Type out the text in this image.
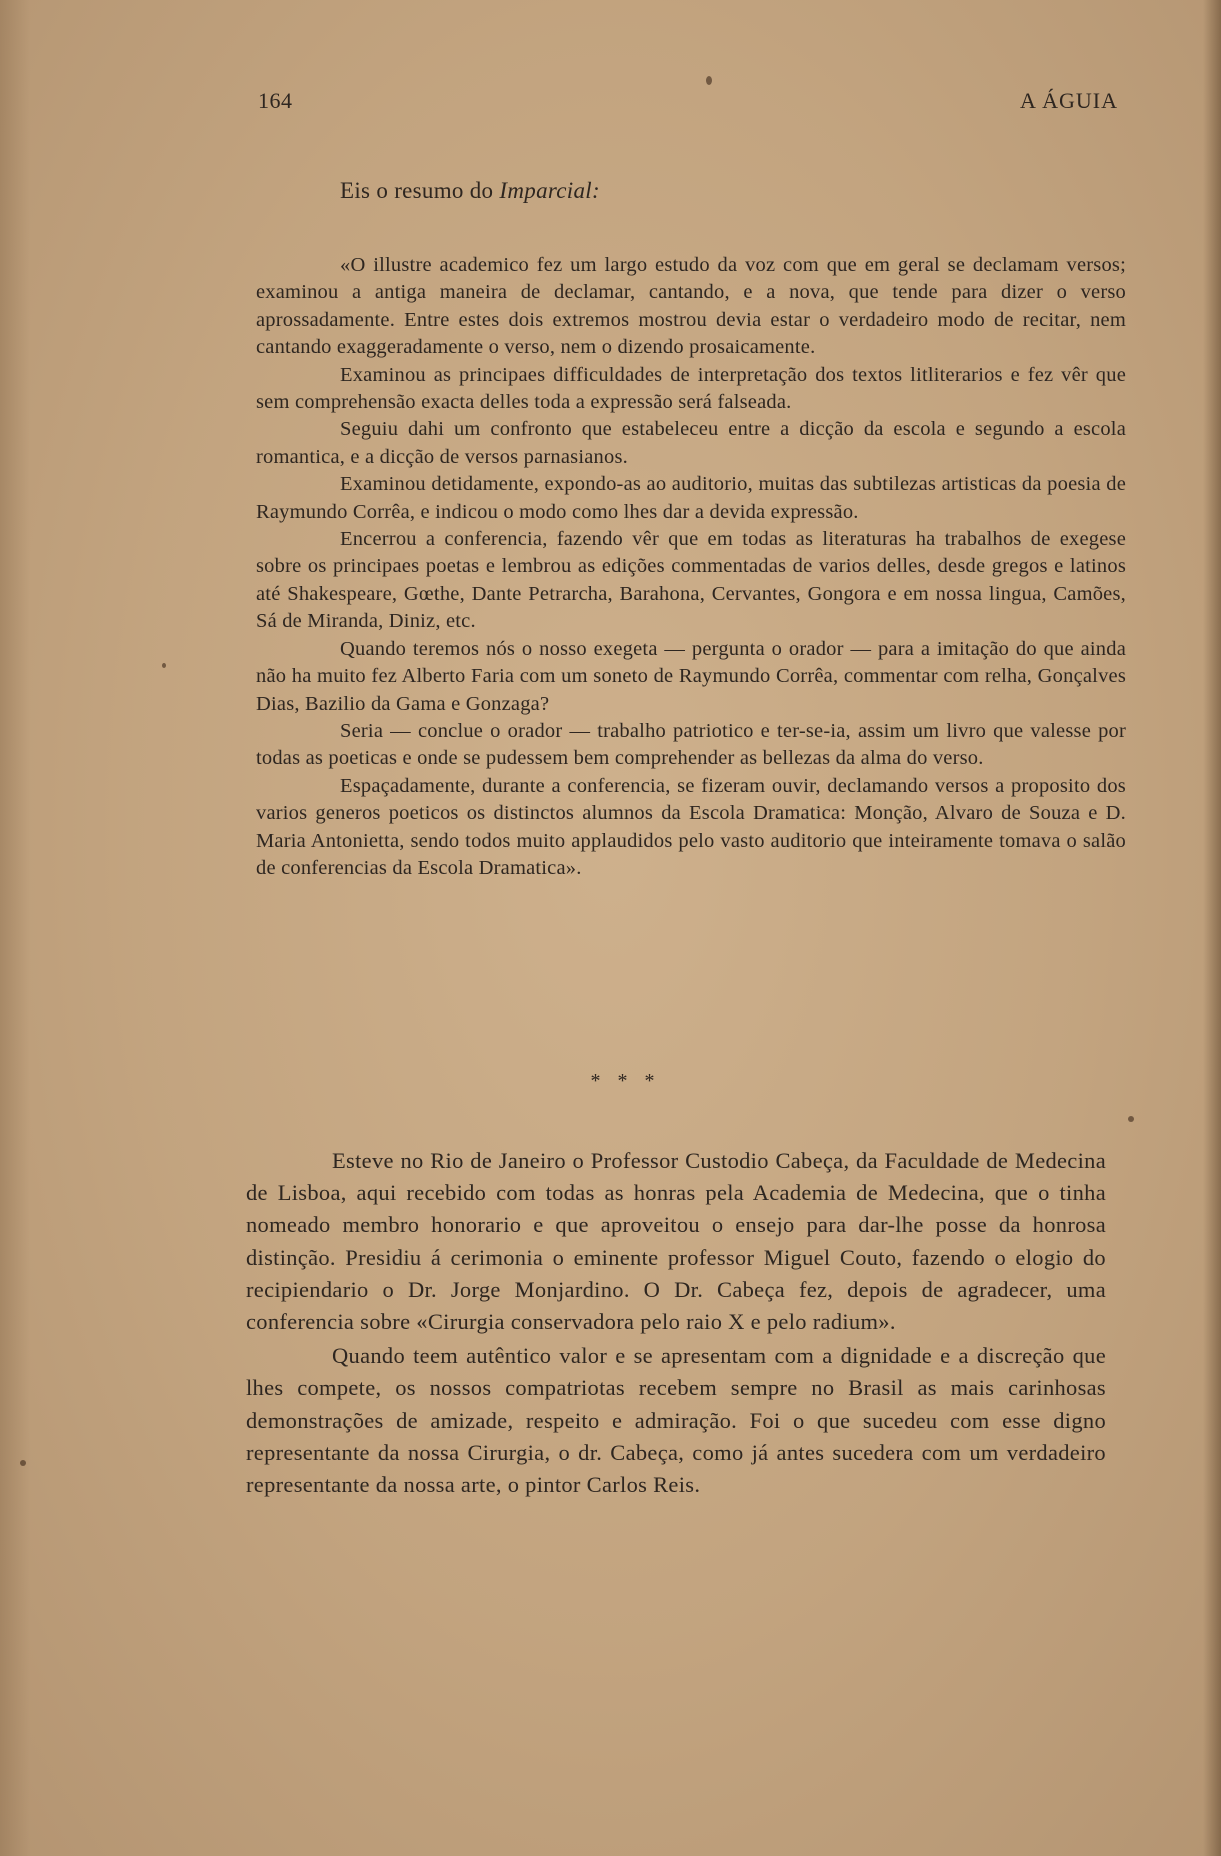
164	A ÁGUIA
Eis o resumo do Imparcial:

«O illustre academico fez um largo estudo da voz com que em geral se declamam versos; examinou a antiga maneira de declamar, cantando, e a nova, que tende para dizer o verso aprossadamente. Entre estes dois extremos mostrou devia estar o verdadeiro modo de recitar, nem cantando exaggeradamente o verso, nem o dizendo prosaicamente.

Examinou as principaes difficuldades de interpretação dos textos litliterarios e fez vêr que sem comprehensão exacta delles toda a expressão será falseada.

Seguiu dahi um confronto que estabeleceu entre a dicção da escola e segundo a escola romantica, e a dicção de versos parnasianos.

Examinou detidamente, expondo-as ao auditorio, muitas das subtilezas artisticas da poesia de Raymundo Corrêa, e indicou o modo como lhes dar a devida expressão.

Encerrou a conferencia, fazendo vêr que em todas as literaturas ha trabalhos de exegese sobre os principaes poetas e lembrou as edições commentadas de varios delles, desde gregos e latinos até Shakespeare, Gœthe, Dante Petrarcha, Barahona, Cervantes, Gongora e em nossa lingua, Camões, Sá de Miranda, Diniz, etc.

Quando teremos nós o nosso exegeta — pergunta o orador — para a imitação do que ainda não ha muito fez Alberto Faria com um soneto de Raymundo Corrêa, commentar com relha, Gonçalves Dias, Bazilio da Gama e Gonzaga?

Seria — conclue o orador — trabalho patriotico e ter-se-ia, assim um livro que valesse por todas as poeticas e onde se pudessem bem comprehender as bellezas da alma do verso.

Espaçadamente, durante a conferencia, se fizeram ouvir, declamando versos a proposito dos varios generos poeticos os distinctos alumnos da Escola Dramatica: Monção, Alvaro de Souza e D. Maria Antonietta, sendo todos muito applaudidos pelo vasto auditorio que inteiramente tomava o salão de conferencias da Escola Dramatica».

* * *

Esteve no Rio de Janeiro o Professor Custodio Cabeça, da Faculdade de Medecina de Lisboa, aqui recebido com todas as honras pela Academia de Medecina, que o tinha nomeado membro honorario e que aproveitou o ensejo para dar-lhe posse da honrosa distinção. Presidiu á cerimonia o eminente professor Miguel Couto, fazendo o elogio do recipiendario o Dr. Jorge Monjardino. O Dr. Cabeça fez, depois de agradecer, uma conferencia sobre «Cirurgia conservadora pelo raio X e pelo radium».

Quando teem autêntico valor e se apresentam com a dignidade e a discreção que lhes compete, os nossos compatriotas recebem sempre no Brasil as mais carinhosas demonstrações de amizade, respeito e admiração. Foi o que sucedeu com esse digno representante da nossa Cirurgia, o dr. Cabeça, como já antes sucedera com um verdadeiro representante da nossa arte, o pintor Carlos Reis.
